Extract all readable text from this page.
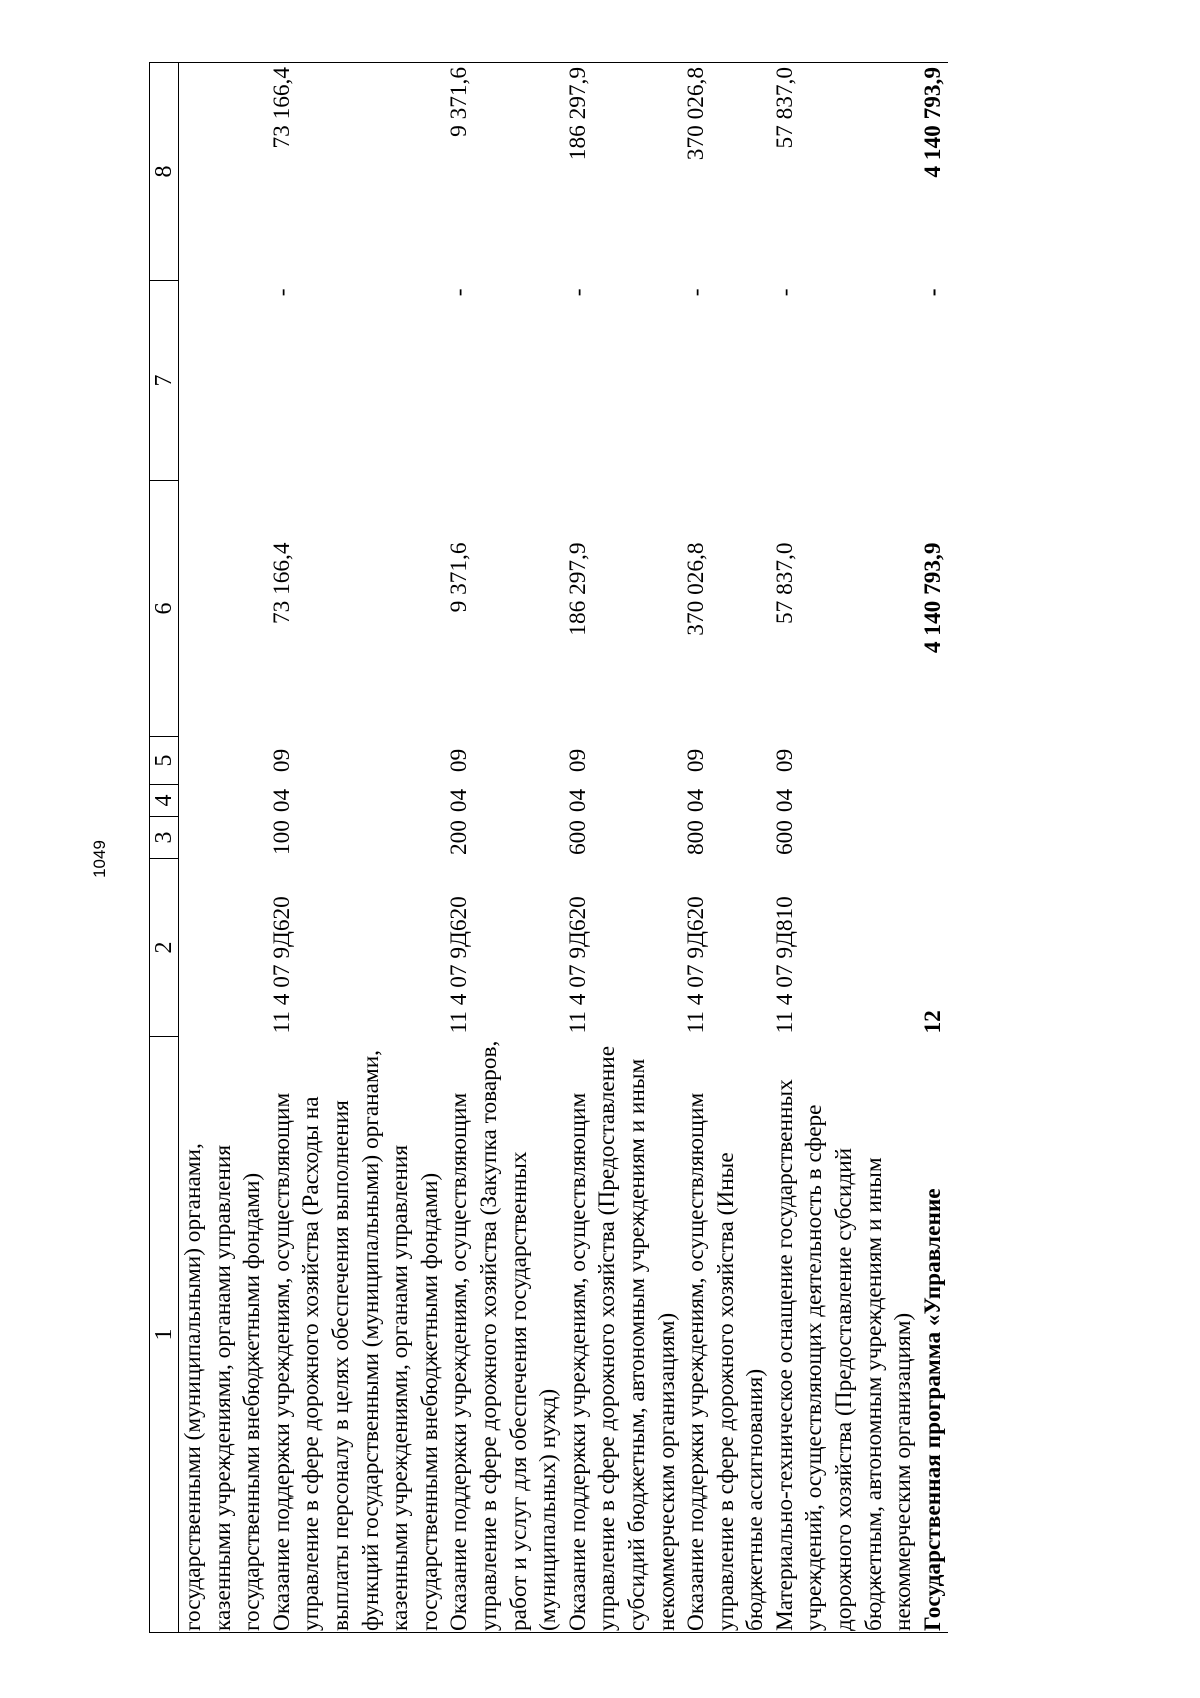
1049
1	2	3	4	5	6	7	8
государственными (муниципальными) органами, казенными учреждениями, органами управления государственными внебюджетными фондами)							
Оказание поддержки учреждениям, осуществляющим управление в сфере дорожного хозяйства (Расходы на выплаты персоналу в целях обеспечения выполнения функций государственными (муниципальными) органами, казенными учреждениями, органами управления государственными внебюджетными фондами)	11 4 07 9Д620	100	04	09	73 166,4	-	73 166,4
Оказание поддержки учреждениям, осуществляющим управление в сфере дорожного хозяйства (Закупка товаров, работ и услуг для обеспечения государственных (муниципальных) нужд)	11 4 07 9Д620	200	04	09	9 371,6	-	9 371,6
Оказание поддержки учреждениям, осуществляющим управление в сфере дорожного хозяйства (Предоставление субсидий бюджетным, автономным учреждениям и иным некоммерческим организациям)	11 4 07 9Д620	600	04	09	186 297,9	-	186 297,9
Оказание поддержки учреждениям, осуществляющим управление в сфере дорожного хозяйства (Иные бюджетные ассигнования)	11 4 07 9Д620	800	04	09	370 026,8	-	370 026,8
Материально-техническое оснащение государственных учреждений, осуществляющих деятельность в сфере дорожного хозяйства (Предоставление субсидий бюджетным, автономным учреждениям и иным некоммерческим организациям)	11 4 07 9Д810	600	04	09	57 837,0	-	57 837,0
Государственная программа «Управление	12				4 140 793,9	-	4 140 793,9
